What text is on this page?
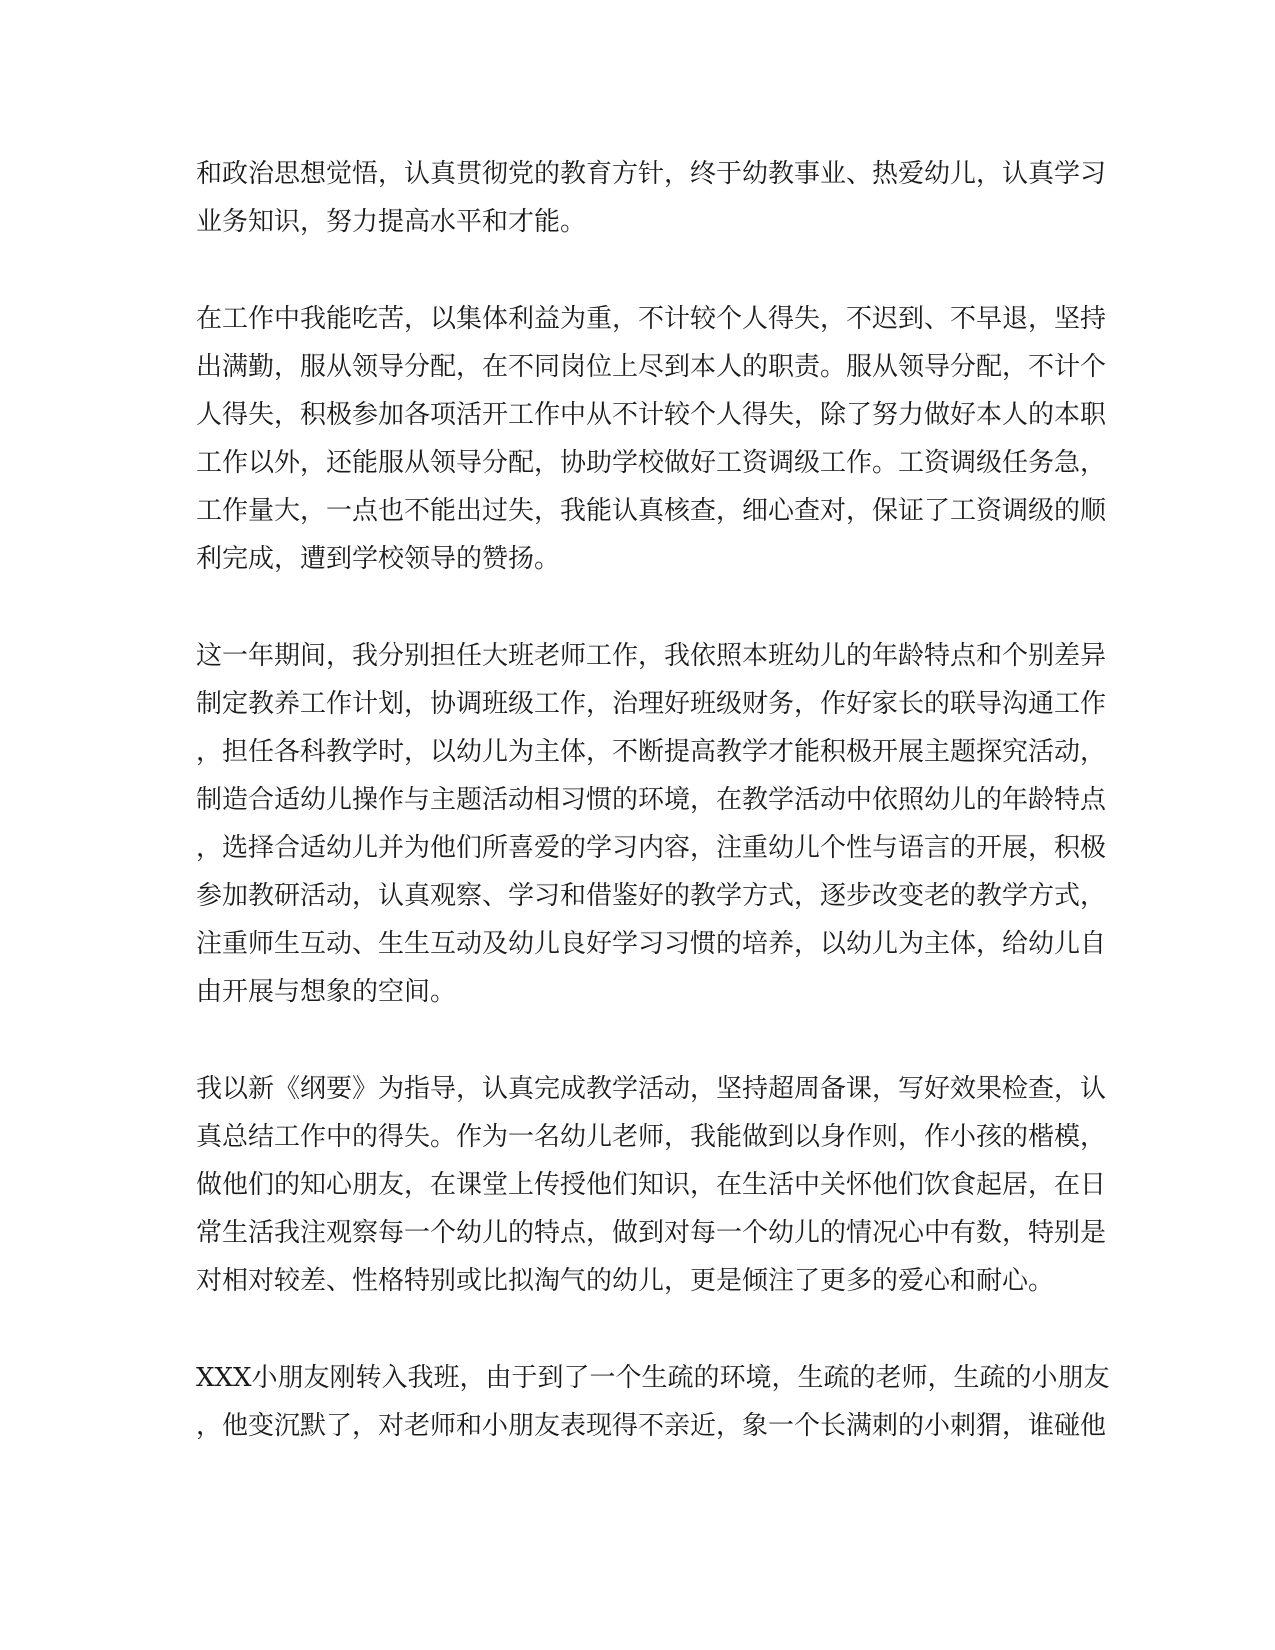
和政治思想觉悟，认真贯彻党的教育方针，终于幼教事业、热爱幼儿，认真学习
业务知识，努力提高水平和才能。

在工作中我能吃苦，以集体利益为重，不计较个人得失，不迟到、不早退，坚持
出满勤，服从领导分配，在不同岗位上尽到本人的职责。服从领导分配，不计个
人得失，积极参加各项活开工作中从不计较个人得失，除了努力做好本人的本职
工作以外，还能服从领导分配，协助学校做好工资调级工作。工资调级任务急，
工作量大，一点也不能出过失，我能认真核查，细心查对，保证了工资调级的顺
利完成，遭到学校领导的赞扬。

这一年期间，我分别担任大班老师工作，我依照本班幼儿的年龄特点和个别差异
制定教养工作计划，协调班级工作，治理好班级财务，作好家长的联导沟通工作
，担任各科教学时，以幼儿为主体，不断提高教学才能积极开展主题探究活动，
制造合适幼儿操作与主题活动相习惯的环境，在教学活动中依照幼儿的年龄特点
，选择合适幼儿并为他们所喜爱的学习内容，注重幼儿个性与语言的开展，积极
参加教研活动，认真观察、学习和借鉴好的教学方式，逐步改变老的教学方式，
注重师生互动、生生互动及幼儿良好学习习惯的培养，以幼儿为主体，给幼儿自
由开展与想象的空间。

我以新《纲要》为指导，认真完成教学活动，坚持超周备课，写好效果检查，认
真总结工作中的得失。作为一名幼儿老师，我能做到以身作则，作小孩的楷模，
做他们的知心朋友，在课堂上传授他们知识，在生活中关怀他们饮食起居，在日
常生活我注观察每一个幼儿的特点，做到对每一个幼儿的情况心中有数，特别是
对相对较差、性格特别或比拟淘气的幼儿，更是倾注了更多的爱心和耐心。

XXX小朋友刚转入我班，由于到了一个生疏的环境，生疏的老师，生疏的小朋友
，他变沉默了，对老师和小朋友表现得不亲近，象一个长满刺的小刺猬，谁碰他
